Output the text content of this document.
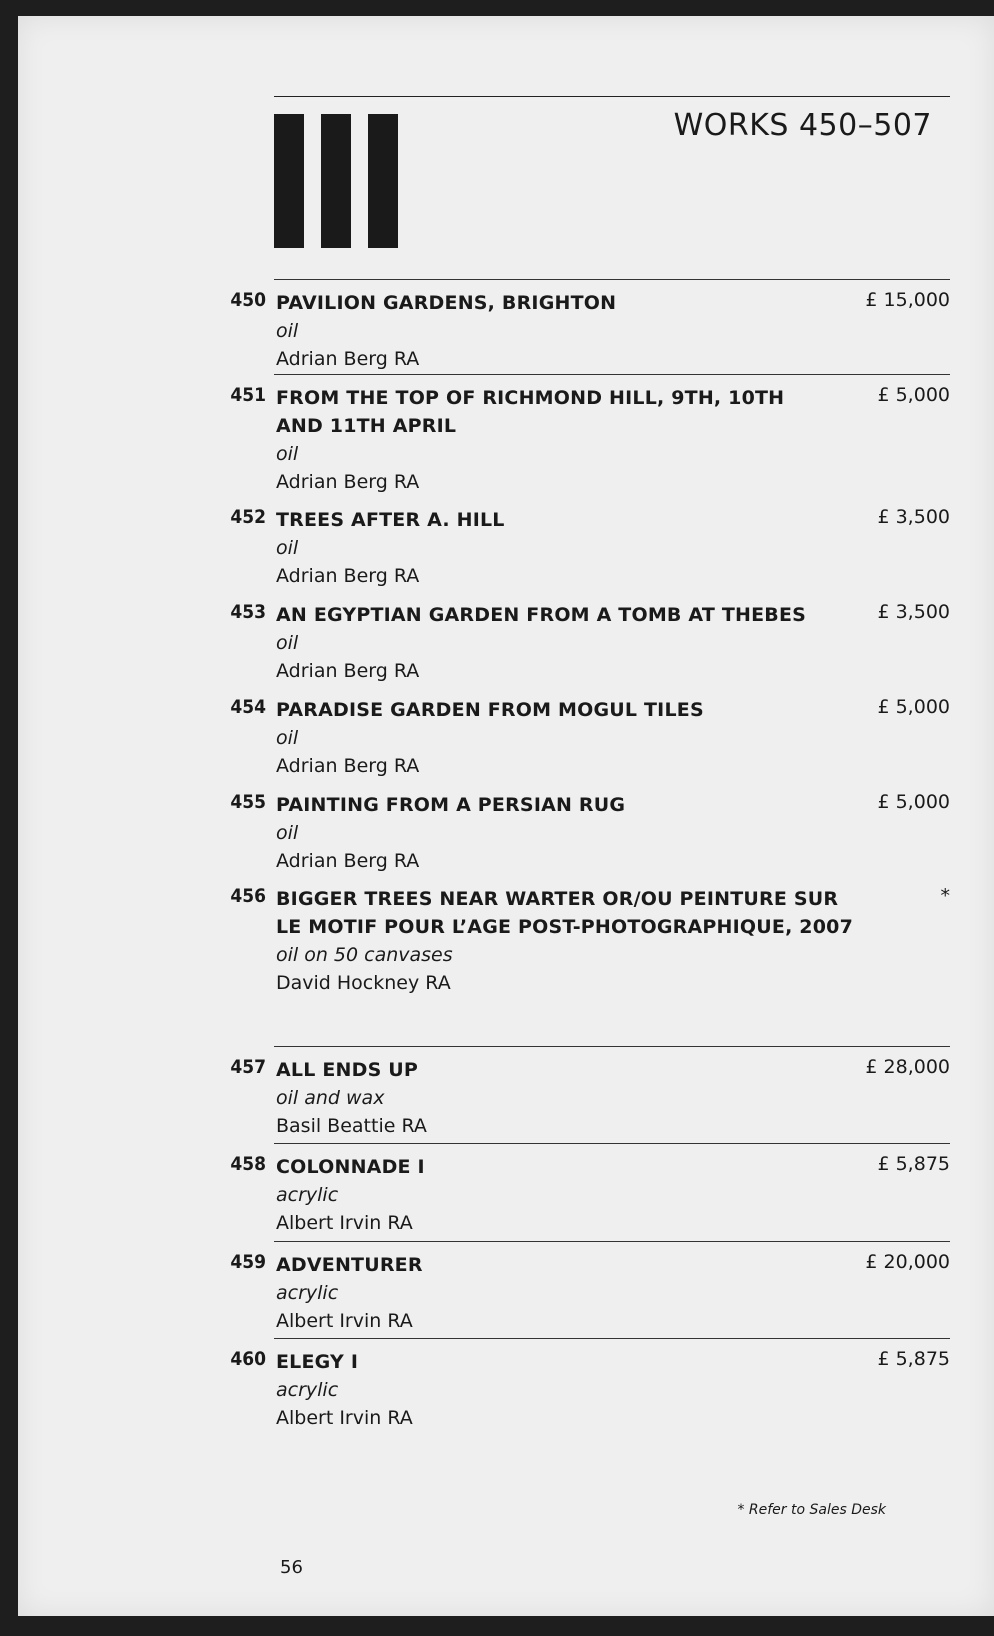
WORKS 450–507
450 PAVILION GARDENS, BRIGHTON
oil
Adrian Berg RA
£ 15,000
451 FROM THE TOP OF RICHMOND HILL, 9TH, 10TH AND 11TH APRIL
oil
Adrian Berg RA
£ 5,000
452 TREES AFTER A. HILL
oil
Adrian Berg RA
£ 3,500
453 AN EGYPTIAN GARDEN FROM A TOMB AT THEBES
oil
Adrian Berg RA
£ 3,500
454 PARADISE GARDEN FROM MOGUL TILES
oil
Adrian Berg RA
£ 5,000
455 PAINTING FROM A PERSIAN RUG
oil
Adrian Berg RA
£ 5,000
456 BIGGER TREES NEAR WARTER OR/OU PEINTURE SUR LE MOTIF POUR L’AGE POST-PHOTOGRAPHIQUE, 2007
oil on 50 canvases
David Hockney RA
*
457 ALL ENDS UP
oil and wax
Basil Beattie RA
£ 28,000
458 COLONNADE I
acrylic
Albert Irvin RA
£ 5,875
459 ADVENTURER
acrylic
Albert Irvin RA
£ 20,000
460 ELEGY I
acrylic
Albert Irvin RA
£ 5,875
* Refer to Sales Desk
56
